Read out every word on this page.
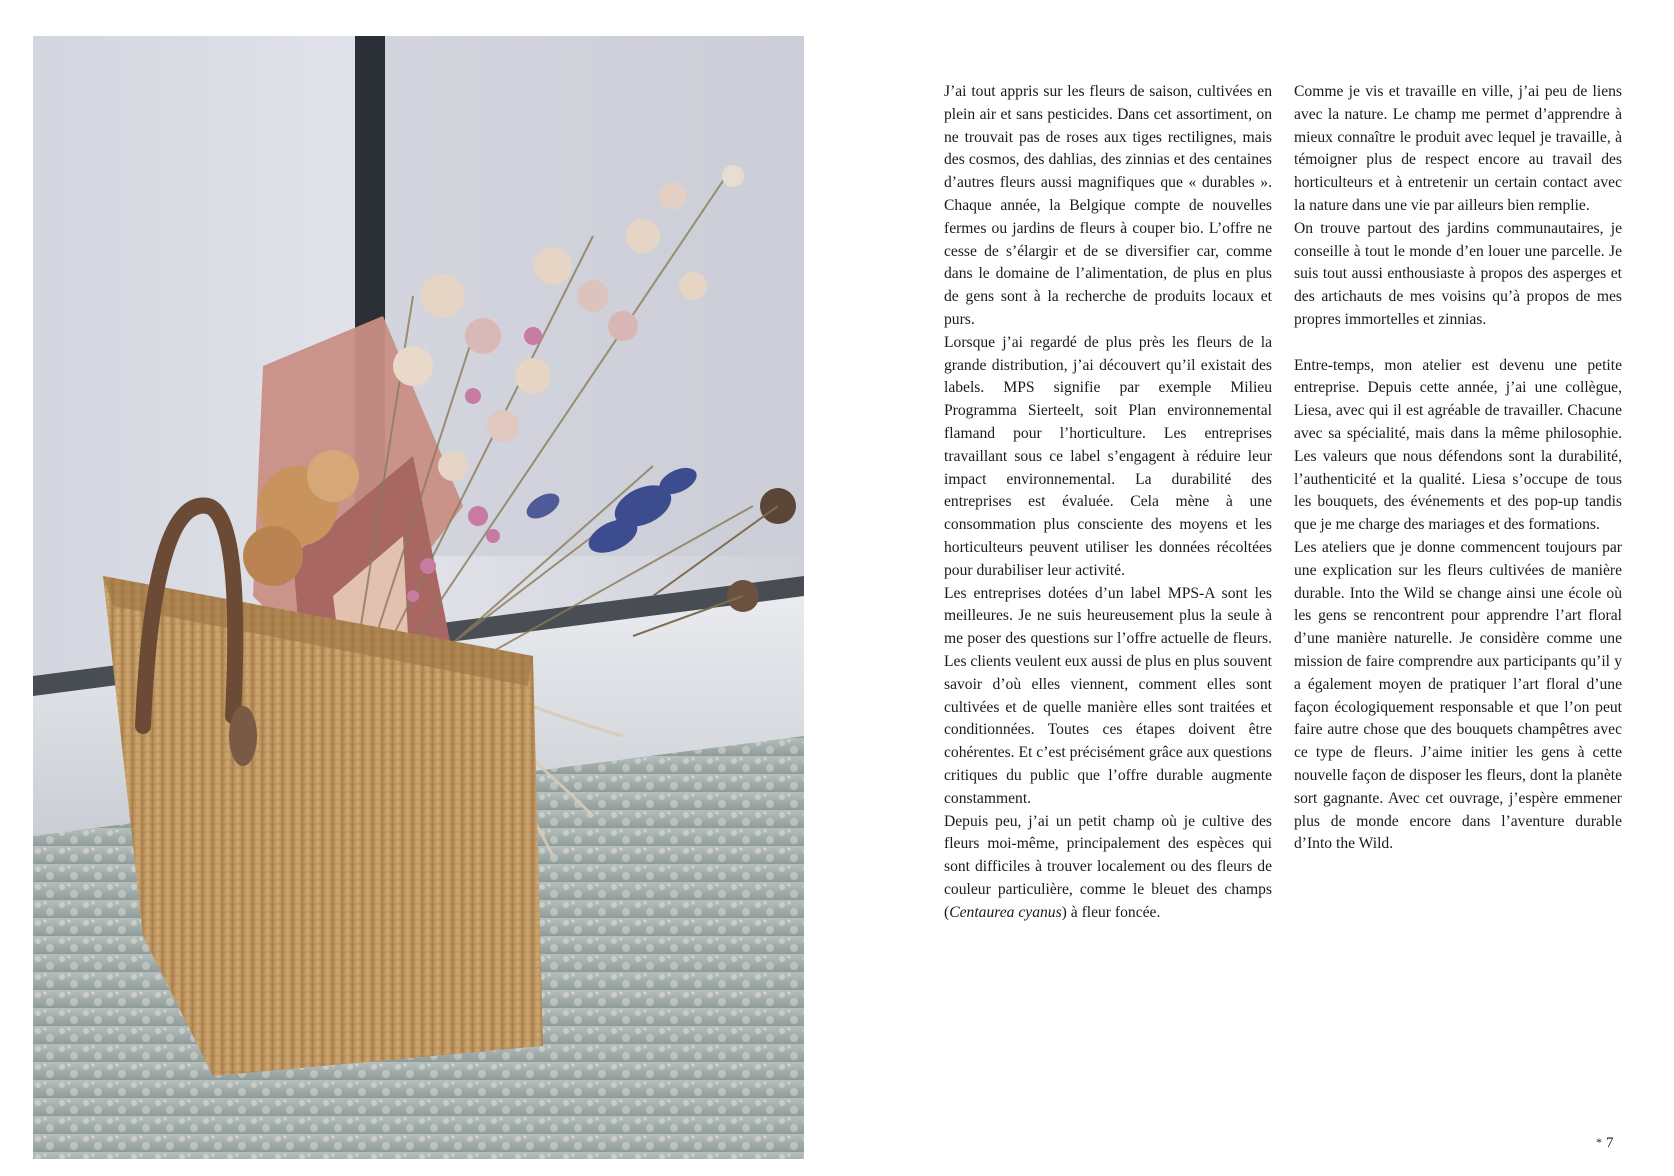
J’ai tout appris sur les fleurs de saison, cultivées en plein air et sans pesticides. Dans cet assortiment, on ne trouvait pas de roses aux tiges rectilignes, mais des cosmos, des dahlias, des zinnias et des centaines d’autres fleurs aussi magnifiques que « durables ». Chaque année, la Belgique compte de nouvelles fermes ou jardins de fleurs à couper bio. L’offre ne cesse de s’élargir et de se diversifier car, comme dans le domaine de l’alimentation, de plus en plus de gens sont à la recherche de produits locaux et purs.

Lorsque j’ai regardé de plus près les fleurs de la grande distribution, j’ai découvert qu’il existait des labels. MPS signifie par exemple Milieu Programma Sierteelt, soit Plan environnemental flamand pour l’horticulture. Les entreprises travaillant sous ce label s’engagent à réduire leur impact environnemental. La durabilité des entreprises est évaluée. Cela mène à une consommation plus consciente des moyens et les horticulteurs peuvent utiliser les données récoltées pour durabiliser leur activité.

Les entreprises dotées d’un label MPS-A sont les meilleures. Je ne suis heureusement plus la seule à me poser des questions sur l’offre actuelle de fleurs. Les clients veulent eux aussi de plus en plus souvent savoir d’où elles viennent, comment elles sont cultivées et de quelle manière elles sont traitées et conditionnées. Toutes ces étapes doivent être cohérentes. Et c’est précisément grâce aux questions critiques du public que l’offre durable augmente constamment.

Depuis peu, j’ai un petit champ où je cultive des fleurs moi-même, principalement des espèces qui sont difficiles à trouver localement ou des fleurs de couleur particulière, comme le bleuet des champs (Centaurea cyanus) à fleur foncée.

Comme je vis et travaille en ville, j’ai peu de liens avec la nature. Le champ me permet d’apprendre à mieux connaître le produit avec lequel je travaille, à témoigner plus de respect encore au travail des horticulteurs et à entretenir un certain contact avec la nature dans une vie par ailleurs bien remplie.

On trouve partout des jardins communautaires, je conseille à tout le monde d’en louer une parcelle. Je suis tout aussi enthousiaste à propos des asperges et des artichauts de mes voisins qu’à propos de mes propres immortelles et zinnias.

Entre-temps, mon atelier est devenu une petite entreprise. Depuis cette année, j’ai une collègue, Liesa, avec qui il est agréable de travailler. Chacune avec sa spécialité, mais dans la même philosophie. Les valeurs que nous défendons sont la durabilité, l’authenticité et la qualité. Liesa s’occupe de tous les bouquets, des événements et des pop-up tandis que je me charge des mariages et des formations.

Les ateliers que je donne commencent toujours par une explication sur les fleurs cultivées de manière durable. Into the Wild se change ainsi une école où les gens se rencontrent pour apprendre l’art floral d’une manière naturelle. Je considère comme une mission de faire comprendre aux participants qu’il y a également moyen de pratiquer l’art floral d’une façon écologiquement responsable et que l’on peut faire autre chose que des bouquets champêtres avec ce type de fleurs. J’aime initier les gens à cette nouvelle façon de disposer les fleurs, dont la planète sort gagnante. Avec cet ouvrage, j’espère emmener plus de monde encore dans l’aventure durable d’Into the Wild.

* 7
